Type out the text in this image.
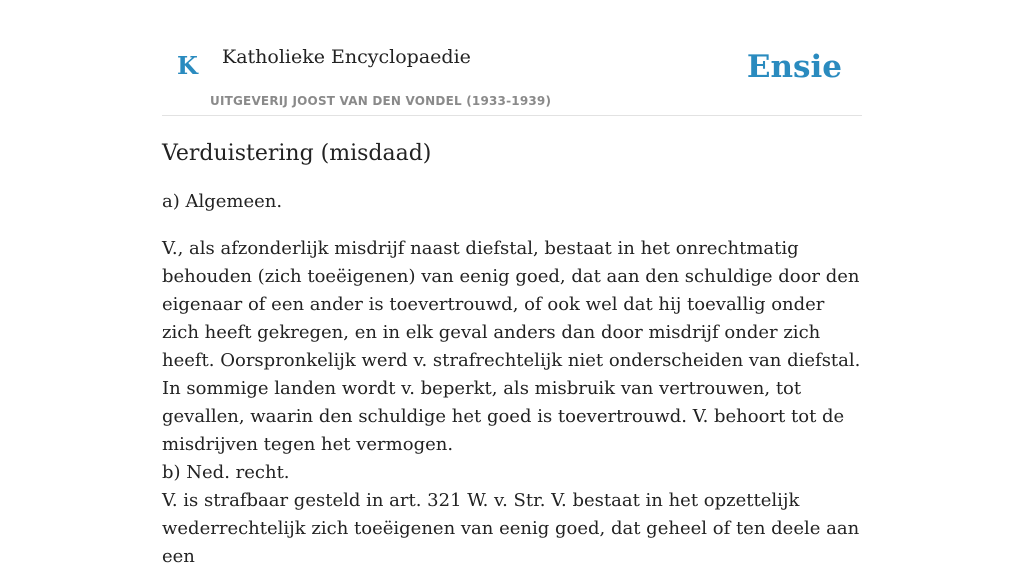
K Katholieke Encyclopaedie
UITGEVERIJ JOOST VAN DEN VONDEL (1933-1939)
Ensie
Verduistering (misdaad)

a) Algemeen.

V., als afzonderlijk misdrijf naast diefstal, bestaat in het onrechtmatig behouden (zich toeëigenen) van eenig goed, dat aan den schuldige door den eigenaar of een ander is toevertrouwd, of ook wel dat hij toevallig onder zich heeft gekregen, en in elk geval anders dan door misdrijf onder zich heeft. Oorspronkelijk werd v. strafrechtelijk niet onderscheiden van diefstal. In sommige landen wordt v. beperkt, als misbruik van vertrouwen, tot gevallen, waarin den schuldige het goed is toevertrouwd. V. behoort tot de misdrijven tegen het vermogen.

b) Ned. recht.

V. is strafbaar gesteld in art. 321 W. v. Str. V. bestaat in het opzettelijk wederrechtelijk zich toeëigenen van eenig goed, dat geheel of ten deele aan een
